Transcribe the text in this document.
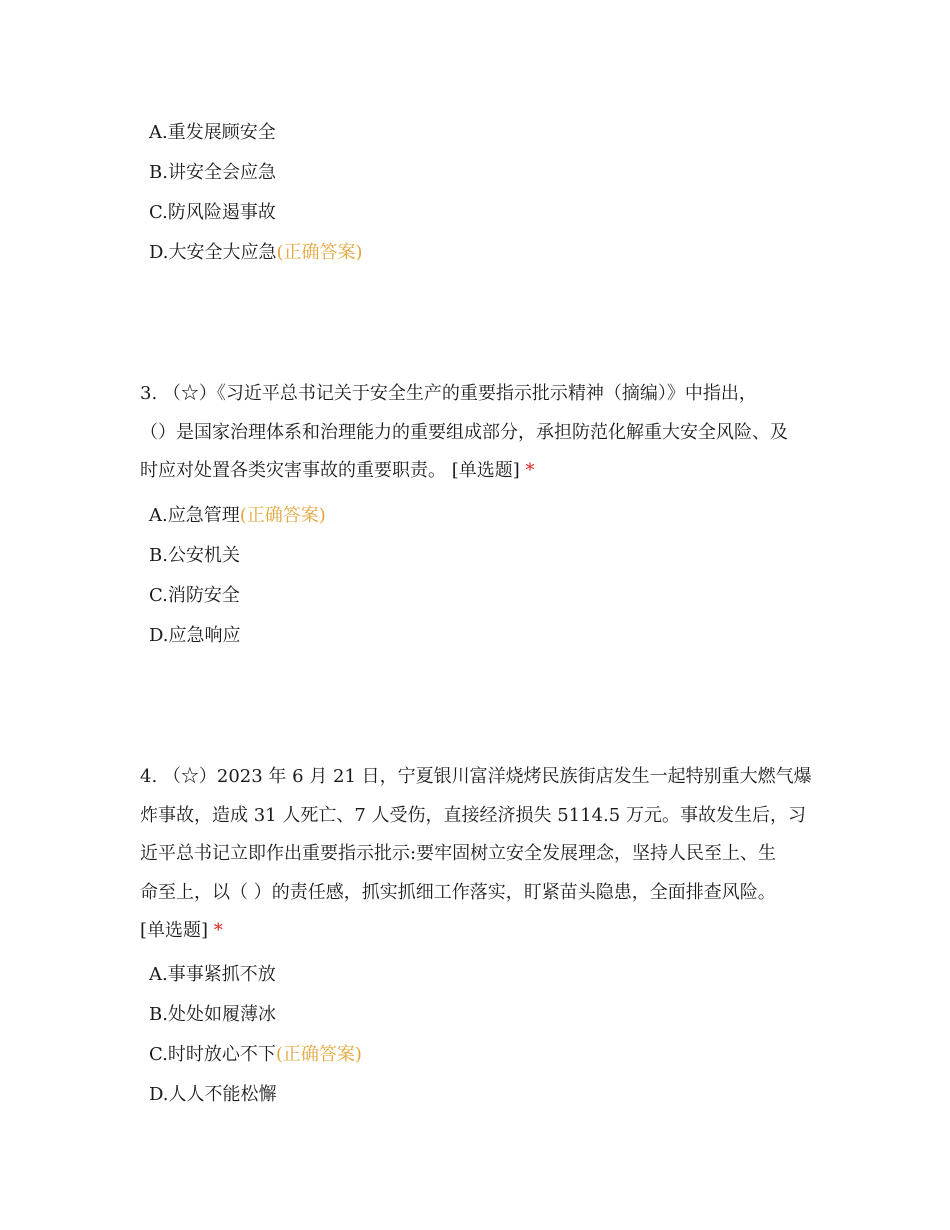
A.重发展顾安全
B.讲安全会应急
C.防风险遏事故
D.大安全大应急(正确答案)
3. （☆）《习近平总书记关于安全生产的重要指示批示精神（摘编）》中指出，
（）是国家治理体系和治理能力的重要组成部分，承担防范化解重大安全风险、及
时应对处置各类灾害事故的重要职责。 [单选题] *
A.应急管理(正确答案)
B.公安机关
C.消防安全
D.应急响应
4. （☆）2023 年 6 月 21 日，宁夏银川富洋烧烤民族街店发生一起特别重大燃气爆
炸事故，造成 31 人死亡、7 人受伤，直接经济损失 5114.5 万元。事故发生后，习
近平总书记立即作出重要指示批示:要牢固树立安全发展理念，坚持人民至上、生
命至上，以（ ）的责任感，抓实抓细工作落实，盯紧苗头隐患，全面排查风险。
[单选题] *
A.事事紧抓不放
B.处处如履薄冰
C.时时放心不下(正确答案)
D.人人不能松懈
